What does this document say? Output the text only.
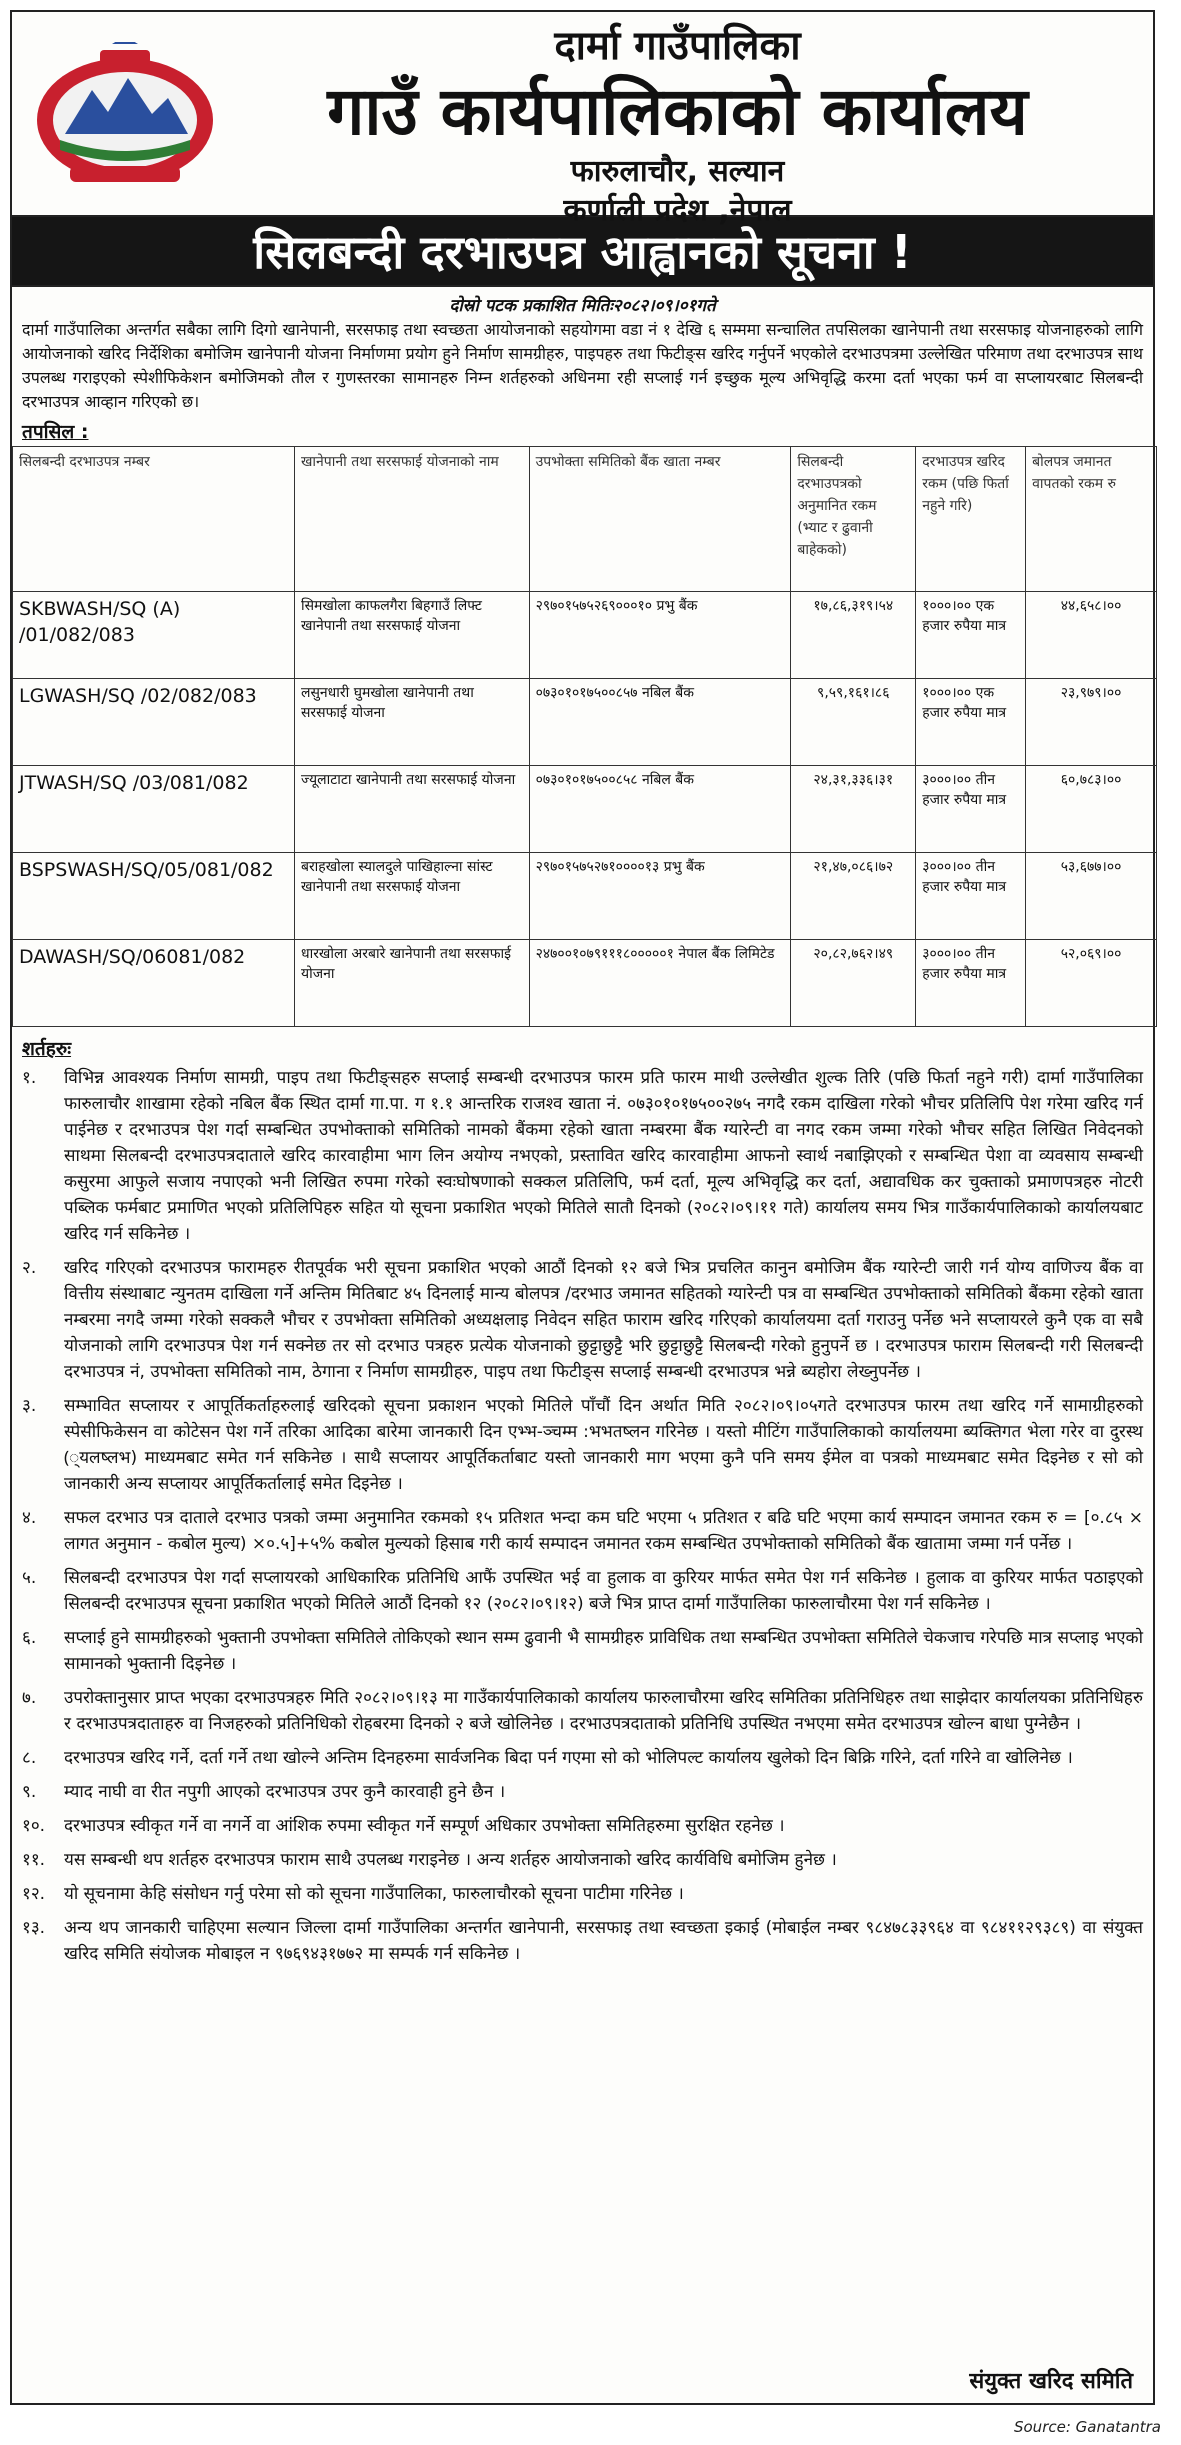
दार्मा गाउँपालिका
गाउँ कार्यपालिकाको कार्यालय
फारुलाचौर, सल्यान
कर्णाली प्रदेश ,नेपाल
सिलबन्दी दरभाउपत्र आह्वानको सूचना !
दोस्रो पटक प्रकाशित मितिः२०८२।०९।०१गते

दार्मा गाउँपालिका अन्तर्गत सबैका लागि दिगो खानेपानी, सरसफाइ तथा स्वच्छता आयोजनाको सहयोगमा वडा नं १ देखि ६ सम्ममा सन्चालित तपसिलका खानेपानी तथा सरसफाइ योजनाहरुको लागि आयोजनाको खरिद निर्देशिका बमोजिम खानेपानी योजना निर्माणमा प्रयोग हुने निर्माण सामग्रीहरु, पाइपहरु तथा फिटीङ्स खरिद गर्नुपर्ने भएकोले दरभाउपत्रमा उल्लेखित परिमाण तथा दरभाउपत्र साथ उपलब्ध गराइएको स्पेशीफिकेशन बमोजिमको तौल र गुणस्तरका सामानहरु निम्न शर्तहरुको अधिनमा रही सप्लाई गर्न इच्छुक मूल्य अभिवृद्धि करमा दर्ता भएका फर्म वा सप्लायरबाट सिलबन्दी दरभाउपत्र आव्हान गरिएको छ।

तपसिल :
सिलबन्दी दरभाउपत्र नम्बर	खानेपानी तथा सरसफाई योजनाको नाम	उपभोक्ता समितिको बैंक खाता नम्बर	सिलबन्दी दरभाउपत्रको अनुमानित रकम (भ्याट र ढुवानी बाहेकको)	दरभाउपत्र खरिद रकम (पछि फिर्ता नहुने गरि)	बोलपत्र जमानत वापतको रकम रु
SKBWASH/SQ (A) /01/082/083	सिमखोला काफलगैरा बिहगाउँ लिफ्ट खानेपानी तथा सरसफाई योजना	२९७०१५७५२६९०००१० प्रभु बैंक	१७,८६,३१९।५४	१०००।०० एक हजार रुपैया मात्र	४४,६५८।००
LGWASH/SQ /02/082/083	लसुनधारी घुमखोला खानेपानी तथा सरसफाई योजना	०७३०१०१७५००८५७ नबिल बैंक	९,५९,१६१।८६	१०००।०० एक हजार रुपैया मात्र	२३,९७९।००
JTWASH/SQ /03/081/082	ज्यूलाटाटा खानेपानी तथा सरसफाई योजना	०७३०१०१७५००८५८ नबिल बैंक	२४,३१,३३६।३१	३०००।०० तीन हजार रुपैया मात्र	६०,७८३।००
BSPSWASH/SQ/05/081/082	बराहखोला स्यालदुले पाखिहाल्ना सांस्ट खानेपानी तथा सरसफाई योजना	२९७०१५७५२७१००००१३ प्रभु बैंक	२१,४७,०८६।७२	३०००।०० तीन हजार रुपैया मात्र	५३,६७७।००
DAWASH/SQ/06081/082	धारखोला अरबारे खानेपानी तथा सरसफाई योजना	२४७००१०७९१११८०००००१ नेपाल बैंक लिमिटेड	२०,८२,७६२।४९	३०००।०० तीन हजार रुपैया मात्र	५२,०६९।००
शर्तहरुः
१.	विभिन्न आवश्यक निर्माण सामग्री, पाइप तथा फिटीङ्सहरु सप्लाई सम्बन्धी दरभाउपत्र फारम प्रति फारम माथी उल्लेखीत शुल्क तिरि (पछि फिर्ता नहुने गरी) दार्मा गाउँपालिका फारुलाचौर शाखामा रहेको नबिल बैंक स्थित दार्मा गा.पा. ग १.१ आन्तरिक राजश्व खाता नं. ०७३०१०१७५००२७५ नगदै रकम दाखिला गरेको भौचर प्रतिलिपि पेश गरेमा खरिद गर्न पाईनेछ र दरभाउपत्र पेश गर्दा सम्बन्धित उपभोक्ताको समितिको नामको बैंकमा रहेको खाता नम्बरमा बैंक ग्यारेन्टी वा नगद रकम जम्मा गरेको भौचर सहित लिखित निवेदनको साथमा सिलबन्दी दरभाउपत्रदाताले खरिद कारवाहीमा भाग लिन अयोग्य नभएको, प्रस्तावित खरिद कारवाहीमा आफनो स्वार्थ नबाझिएको र सम्बन्धित पेशा वा व्यवसाय सम्बन्धी कसुरमा आफुले सजाय नपाएको भनी लिखित रुपमा गरेको स्वःघोषणाको सक्कल प्रतिलिपि, फर्म दर्ता, मूल्य अभिवृद्धि कर दर्ता, अद्यावधिक कर चुक्ताको प्रमाणपत्रहरु नोटरी पब्लिक फर्मबाट प्रमाणित भएको प्रतिलिपिहरु सहित यो सूचना प्रकाशित भएको मितिले सातौ दिनको (२०८२।०९।११ गते) कार्यालय समय भित्र गाउँकार्यपालिकाको कार्यालयबाट खरिद गर्न सकिनेछ ।
२.	खरिद गरिएको दरभाउपत्र फारामहरु रीतपूर्वक भरी सूचना प्रकाशित भएको आठौं दिनको १२ बजे भित्र प्रचलित कानुन बमोजिम बैंक ग्यारेन्टी जारी गर्न योग्य वाणिज्य बैंक वा वित्तीय संस्थाबाट न्युनतम दाखिला गर्ने अन्तिम मितिबाट ४५ दिनलाई मान्य बोलपत्र /दरभाउ जमानत सहितको ग्यारेन्टी पत्र वा सम्बन्धित उपभोक्ताको समितिको बैंकमा रहेको खाता नम्बरमा नगदै जम्मा गरेको सक्कलै भौचर र उपभोक्ता समितिको अध्यक्षलाइ निवेदन सहित फाराम खरिद गरिएको कार्यालयमा दर्ता गराउनु पर्नेछ भने सप्लायरले कुनै एक वा सबै योजनाको लागि दरभाउपत्र पेश गर्न सक्नेछ तर सो दरभाउ पत्रहरु प्रत्येक योजनाको छुट्टाछुट्टै भरि छुट्टाछुट्टै सिलबन्दी गरेको हुनुपर्ने छ । दरभाउपत्र फाराम सिलबन्दी गरी सिलबन्दी दरभाउपत्र नं, उपभोक्ता समितिको नाम, ठेगाना र निर्माण सामग्रीहरु, पाइप तथा फिटीङ्स सप्लाई सम्बन्धी दरभाउपत्र भन्ने ब्यहोरा लेख्नुपर्नेछ ।
३.	सम्भावित सप्लायर र आपूर्तिकर्ताहरुलाई खरिदको सूचना प्रकाशन भएको मितिले पाँचौं दिन अर्थात मिति २०८२।०९।०५गते दरभाउपत्र फारम तथा खरिद गर्ने सामाग्रीहरुको स्पेसीफिकेसन वा कोटेसन पेश गर्ने तरिका आदिका बारेमा जानकारी दिन एभ्भ-ञ्चम्म :भभतष्लन गरिनेछ । यस्तो मीटिंग गाउँपालिकाको कार्यालयमा ब्यक्तिगत भेला गरेर वा दुरस्थ (्यलष्लभ) माध्यमबाट समेत गर्न सकिनेछ । साथै सप्लायर आपूर्तिकर्ताबाट यस्तो जानकारी माग भएमा कुनै पनि समय ईमेल वा पत्रको माध्यमबाट समेत दिइनेछ र सो को जानकारी अन्य सप्लायर आपूर्तिकर्तालाई समेत दिइनेछ ।
४.	सफल दरभाउ पत्र दाताले दरभाउ पत्रको जम्मा अनुमानित रकमको १५ प्रतिशत भन्दा कम घटि भएमा ५ प्रतिशत र बढि घटि भएमा कार्य सम्पादन जमानत रकम रु = [०.८५ × लागत अनुमान - कबोल मुल्य) ×०.५]+५% कबोल मुल्यको हिसाब गरी कार्य सम्पादन जमानत रकम सम्बन्धित उपभोक्ताको समितिको बैंक खातामा जम्मा गर्न पर्नेछ ।
५.	सिलबन्दी दरभाउपत्र पेश गर्दा सप्लायरको आधिकारिक प्रतिनिधि आफैं उपस्थित भई वा हुलाक वा कुरियर मार्फत समेत पेश गर्न सकिनेछ । हुलाक वा कुरियर मार्फत पठाइएको सिलबन्दी दरभाउपत्र सूचना प्रकाशित भएको मितिले आठौं दिनको १२ (२०८२।०९।१२) बजे भित्र प्राप्त दार्मा गाउँपालिका फारुलाचौरमा पेश गर्न सकिनेछ ।
६.	सप्लाई हुने सामग्रीहरुको भुक्तानी उपभोक्ता समितिले तोकिएको स्थान सम्म ढुवानी भै सामग्रीहरु प्राविधिक तथा सम्बन्धित उपभोक्ता समितिले चेकजाच गरेपछि मात्र सप्लाइ भएको सामानको भुक्तानी दिइनेछ ।
७.	उपरोक्तानुसार प्राप्त भएका दरभाउपत्रहरु मिति २०८२।०९।१३ मा गाउँकार्यपालिकाको कार्यालय फारुलाचौरमा खरिद समितिका प्रतिनिधिहरु तथा साझेदार कार्यालयका प्रतिनिधिहरु र दरभाउपत्रदाताहरु वा निजहरुको प्रतिनिधिको रोहबरमा दिनको २ बजे खोलिनेछ । दरभाउपत्रदाताको प्रतिनिधि उपस्थित नभएमा समेत दरभाउपत्र खोल्न बाधा पुग्नेछैन ।
८.	दरभाउपत्र खरिद गर्ने, दर्ता गर्ने तथा खोल्ने अन्तिम दिनहरुमा सार्वजनिक बिदा पर्न गएमा सो को भोलिपल्ट कार्यालय खुलेको दिन बिक्रि गरिने, दर्ता गरिने वा खोलिनेछ ।
९.	म्याद नाघी वा रीत नपुगी आएको दरभाउपत्र उपर कुनै कारवाही हुने छैन ।
१०.	दरभाउपत्र स्वीकृत गर्ने वा नगर्ने वा आंशिक रुपमा स्वीकृत गर्ने सम्पूर्ण अधिकार उपभोक्ता समितिहरुमा सुरक्षित रहनेछ ।
११.	यस सम्बन्धी थप शर्तहरु दरभाउपत्र फाराम साथै उपलब्ध गराइनेछ । अन्य शर्तहरु आयोजनाको खरिद कार्यविधि बमोजिम हुनेछ ।
१२.	यो सूचनामा केहि संसोधन गर्नु परेमा सो को सूचना गाउँपालिका, फारुलाचौरको सूचना पाटीमा गरिनेछ ।
१३.	अन्य थप जानकारी चाहिएमा सल्यान जिल्ला दार्मा गाउँपालिका अन्तर्गत खानेपानी, सरसफाइ तथा स्वच्छता इकाई (मोबाईल नम्बर ९८४७८३३९६४ वा ९८४११२९३८९) वा संयुक्त खरिद समिति संयोजक मोबाइल न ९७६९४३१७७२ मा सम्पर्क गर्न सकिनेछ ।
संयुक्त खरिद समिति
Source: Ganatantra
